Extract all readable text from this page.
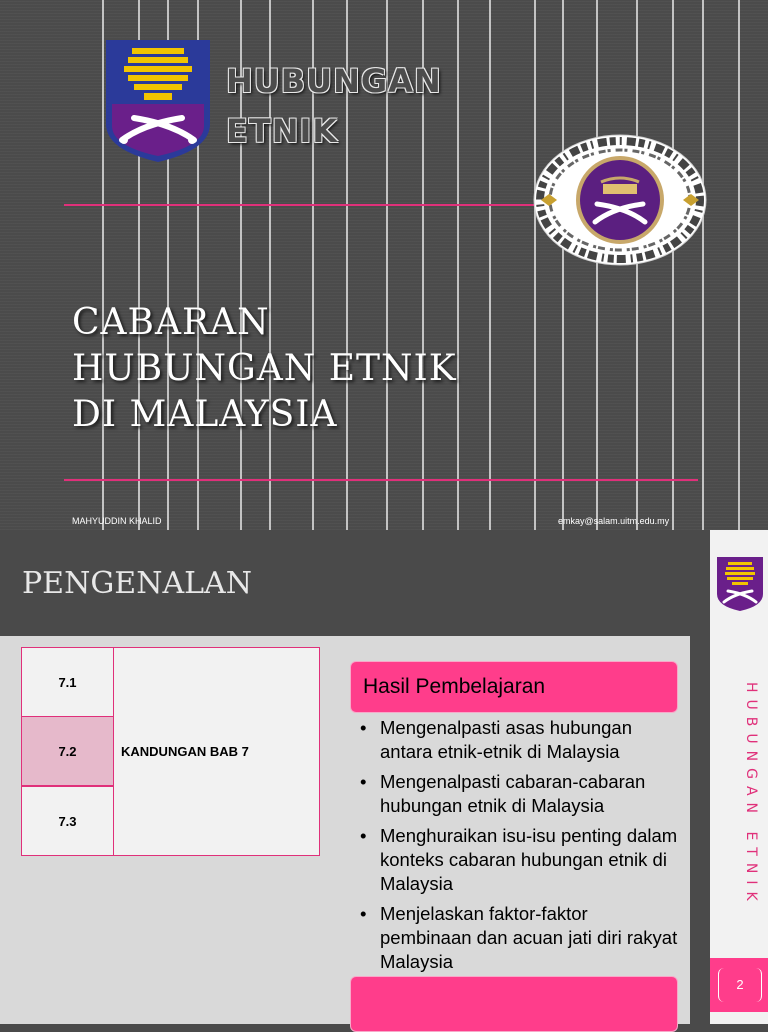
HUBUNGAN
ETNIK
CABARAN
HUBUNGAN ETNIK
DI MALAYSIA
MAHYUDDIN KHALID	emkay@salam.uitm.edu.my
PENGENALAN
HUBUNGAN ETNIK
2
7.1
7.2
7.3
KANDUNGAN BAB 7
Hasil Pembelajaran
• Mengenalpasti asas hubungan antara etnik-etnik di Malaysia
• Mengenalpasti cabaran-cabaran hubungan etnik di Malaysia
• Menghuraikan isu-isu penting dalam konteks cabaran hubungan etnik di Malaysia
• Menjelaskan faktor-faktor pembinaan dan acuan jati diri rakyat Malaysia
